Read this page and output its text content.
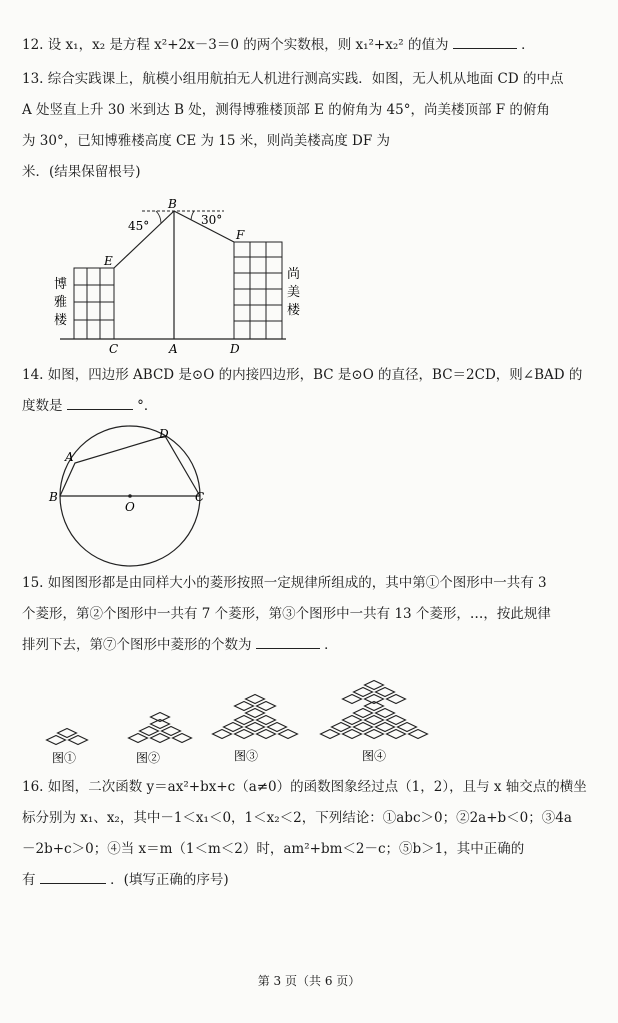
12. 设 x₁，x₂ 是方程 x²+2x－3＝0 的两个实数根，则 x₁²+x₂² 的值为	．
13. 综合实践课上，航模小组用航拍无人机进行测高实践．如图，无人机从地面 CD 的中点
A 处竖直上升 30 米到达 B 处，测得博雅楼顶部 E 的俯角为 45°，尚美楼顶部 F 的俯角
为 30°，已知博雅楼高度 CE 为 15 米，则尚美楼高度 DF 为
米．(结果保留根号)
B
45°	30°
E
F
C	A	D
博
雅
楼
尚
美
楼
14. 如图，四边形 ABCD 是⊙O 的内接四边形，BC 是⊙O 的直径，BC＝2CD，则∠BAD 的
度数是	°．
A
B	C
D
O
15. 如图图形都是由同样大小的菱形按照一定规律所组成的，其中第①个图形中一共有 3
个菱形，第②个图形中一共有 7 个菱形，第③个图形中一共有 13 个菱形，…，按此规律
排列下去，第⑦个图形中菱形的个数为	．
图①	图②	图③	图④
16. 如图，二次函数 y＝ax²+bx+c（a≠0）的函数图象经过点（1，2），且与 x 轴交点的横坐
标分别为 x₁、x₂，其中－1＜x₁＜0，1＜x₂＜2，下列结论：①abc＞0；②2a+b＜0；③4a
－2b+c＞0；④当 x＝m（1＜m＜2）时，am²+bm＜2－c；⑤b＞1，其中正确的
有	．(填写正确的序号)
第 3 页（共 6 页）
